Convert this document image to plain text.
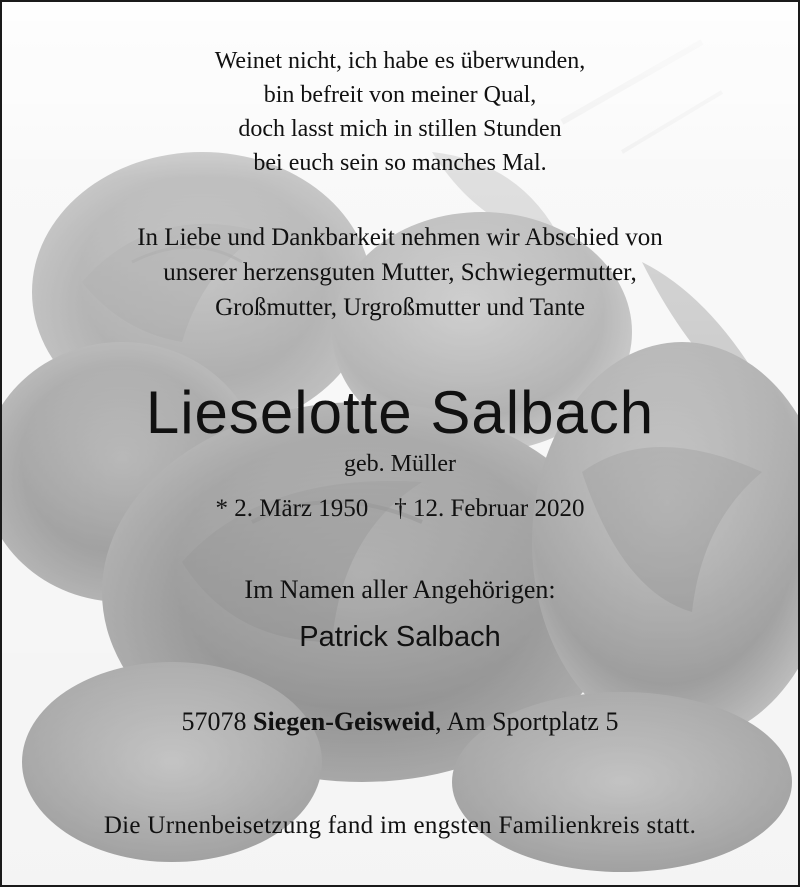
Weinet nicht, ich habe es überwunden,
bin befreit von meiner Qual,
doch lasst mich in stillen Stunden
bei euch sein so manches Mal.
In Liebe und Dankbarkeit nehmen wir Abschied von
unserer herzensguten Mutter, Schwiegermutter,
Großmutter, Urgroßmutter und Tante
Lieselotte Salbach
geb. Müller
* 2. März 1950 † 12. Februar 2020
Im Namen aller Angehörigen:
Patrick Salbach
57078 Siegen-Geisweid, Am Sportplatz 5
Die Urnenbeisetzung fand im engsten Familienkreis statt.
